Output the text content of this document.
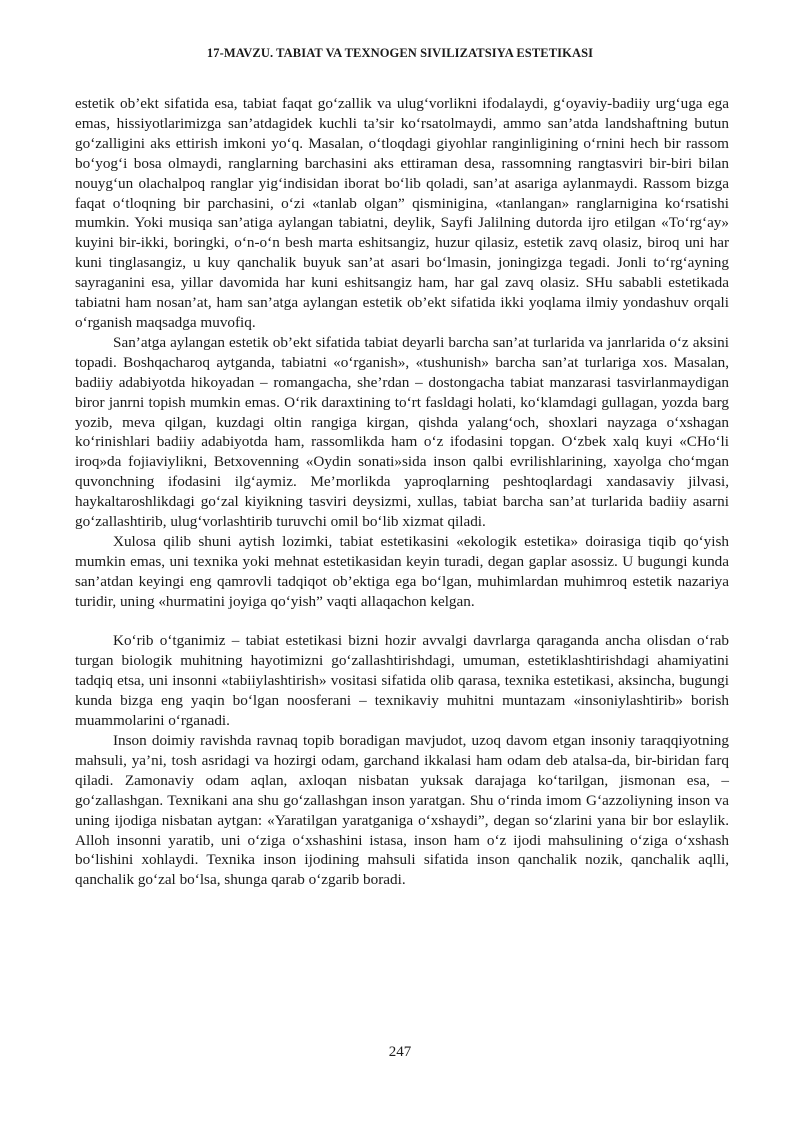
17-MAVZU. TABIAT VA TEXNOGEN SIVILIZATSIYA ESTETIKASI

estetik ob’ekt sifatida esa, tabiat faqat go‘zallik va ulug‘vorlikni ifodalaydi, g‘oyaviy-badiiy urg‘uga ega emas, hissiyotlarimizga san’atdagidek kuchli ta’sir ko‘rsatolmaydi, ammo san’atda landshaftning butun go‘zalligini aks ettirish imkoni yo‘q. Masalan, o‘tloqdagi giyohlar ranginligining o‘rnini hech bir rassom bo‘yog‘i bosa olmaydi, ranglarning barchasini aks ettiraman desa, rassomning rangtasviri bir-biri bilan nouyg‘un olachalpoq ranglar yig‘indisidan iborat bo‘lib qoladi, san’at asariga aylanmaydi. Rassom bizga faqat o‘tloqning bir parchasini, o‘zi «tanlab olgan” qisminigina, «tanlangan» ranglarnigina ko‘rsatishi mumkin. Yoki musiqa san’atiga aylangan tabiatni, deylik, Sayfi Jalilning dutorda ijro etilgan «To‘rg‘ay» kuyini bir-ikki, boringki, o‘n-o‘n besh marta eshitsangiz, huzur qilasiz, estetik zavq olasiz, biroq uni har kuni tinglasangiz, u kuy qanchalik buyuk san’at asari bo‘lmasin, joningizga tegadi. Jonli to‘rg‘ayning sayraganini esa, yillar davomida har kuni eshitsangiz ham, har gal zavq olasiz. SHu sababli estetikada tabiatni ham nosan’at, ham san’atga aylangan estetik ob’ekt sifatida ikki yoqlama ilmiy yondashuv orqali o‘rganish maqsadga muvofiq.

San’atga aylangan estetik ob’ekt sifatida tabiat deyarli barcha san’at turlarida va janrlarida o‘z aksini topadi. Boshqacharoq aytganda, tabiatni «o‘rganish», «tushunish» barcha san’at turlariga xos. Masalan, badiiy adabiyotda hikoyadan – romangacha, she’rdan – dostongacha tabiat manzarasi tasvirlanmaydigan biror janrni topish mumkin emas. O‘rik daraxtining to‘rt fasldagi holati, ko‘klamdagi gullagan, yozda barg yozib, meva qilgan, kuzdagi oltin rangiga kirgan, qishda yalang‘och, shoxlari nayzaga o‘xshagan ko‘rinishlari badiiy adabiyotda ham, rassomlikda ham o‘z ifodasini topgan. O‘zbek xalq kuyi «CHo‘li iroq»da fojiaviylikni, Betxovenning «Oydin sonati»sida inson qalbi evrilishlarining, xayolga cho‘mgan quvonchning ifodasini ilg‘aymiz. Me’morlikda yaproqlarning peshtoqlardagi xandasaviy jilvasi, haykaltaroshlikdagi go‘zal kiyikning tasviri deysizmi, xullas, tabiat barcha san’at turlarida badiiy asarni go‘zallashtirib, ulug‘vorlashtirib turuvchi omil bo‘lib xizmat qiladi.

Xulosa qilib shuni aytish lozimki, tabiat estetikasini «ekologik estetika» doirasiga tiqib qo‘yish mumkin emas, uni texnika yoki mehnat estetikasidan keyin turadi, degan gaplar asossiz. U bugungi kunda san’atdan keyingi eng qamrovli tadqiqot ob’ektiga ega bo‘lgan, muhimlardan muhimroq estetik nazariya turidir, uning «hurmatini joyiga qo‘yish” vaqti allaqachon kelgan.

Ko‘rib o‘tganimiz – tabiat estetikasi bizni hozir avvalgi davrlarga qaraganda ancha olisdan o‘rab turgan biologik muhitning hayotimizni go‘zallashtirishdagi, umuman, estetiklashtirishdagi ahamiyatini tadqiq etsa, uni insonni «tabiiylashtirish» vositasi sifatida olib qarasa, texnika estetikasi, aksincha, bugungi kunda bizga eng yaqin bo‘lgan noosferani – texnikaviy muhitni muntazam «insoniylashtirib» borish muammolarini o‘rganadi.

Inson doimiy ravishda ravnaq topib boradigan mavjudot, uzoq davom etgan insoniy taraqqiyotning mahsuli, ya’ni, tosh asridagi va hozirgi odam, garchand ikkalasi ham odam deb atalsa-da, bir-biridan farq qiladi. Zamonaviy odam aqlan, axloqan nisbatan yuksak darajaga ko‘tarilgan, jismonan esa, – go‘zallashgan. Texnikani ana shu go‘zallashgan inson yaratgan. Shu o‘rinda imom G‘azzoliyning inson va uning ijodiga nisbatan aytgan: «Yaratilgan yaratganiga o‘xshaydi”, degan so‘zlarini yana bir bor eslaylik. Alloh insonni yaratib, uni o‘ziga o‘xshashini istasa, inson ham o‘z ijodi mahsulining o‘ziga o‘xshash bo‘lishini xohlaydi. Texnika inson ijodining mahsuli sifatida inson qanchalik nozik, qanchalik aqlli, qanchalik go‘zal bo‘lsa, shunga qarab o‘zgarib boradi.

247
